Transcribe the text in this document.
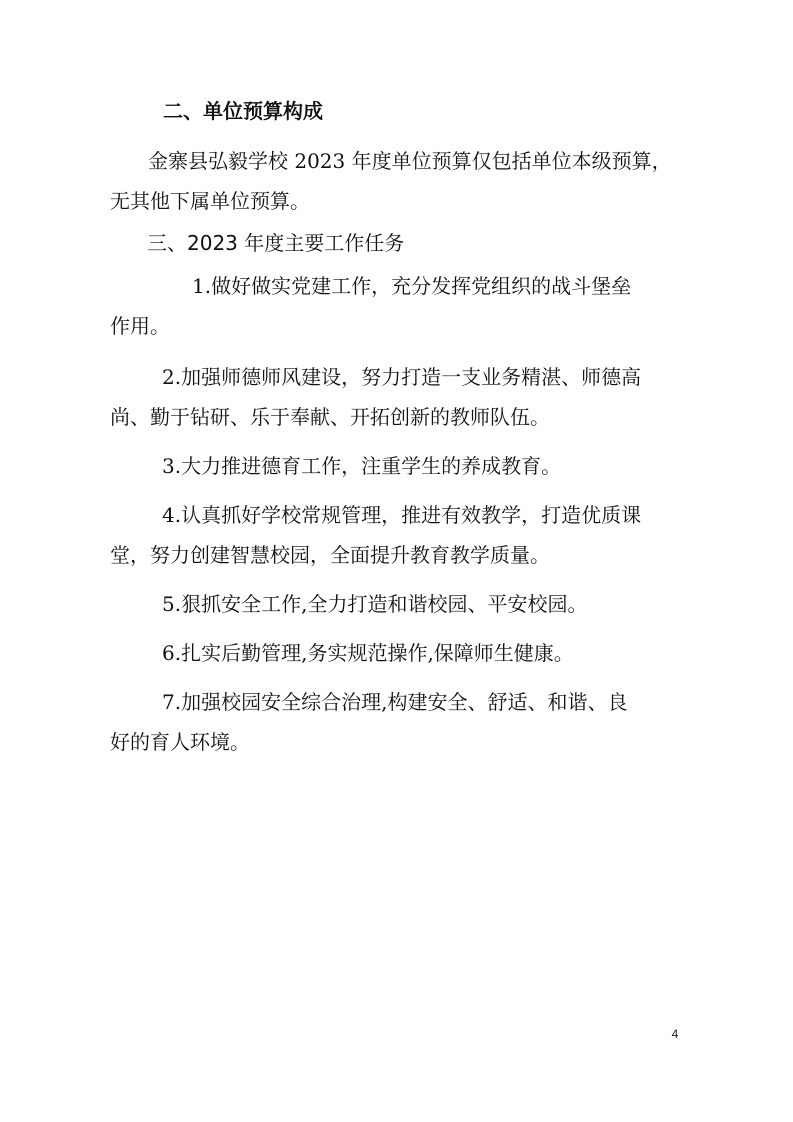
二、单位预算构成
金寨县弘毅学校 2023 年度单位预算仅包括单位本级预算，
无其他下属单位预算。
三、2023 年度主要工作任务
1.做好做实党建工作，充分发挥党组织的战斗堡垒
作用。
2.加强师德师风建设，努力打造一支业务精湛、师德高
尚、勤于钻研、乐于奉献、开拓创新的教师队伍。
3.大力推进德育工作，注重学生的养成教育。
4.认真抓好学校常规管理，推进有效教学，打造优质课
堂，努力创建智慧校园，全面提升教育教学质量。
5.狠抓安全工作,全力打造和谐校园、平安校园。
6.扎实后勤管理,务实规范操作,保障师生健康。
7.加强校园安全综合治理,构建安全、舒适、和谐、良
好的育人环境。
4
